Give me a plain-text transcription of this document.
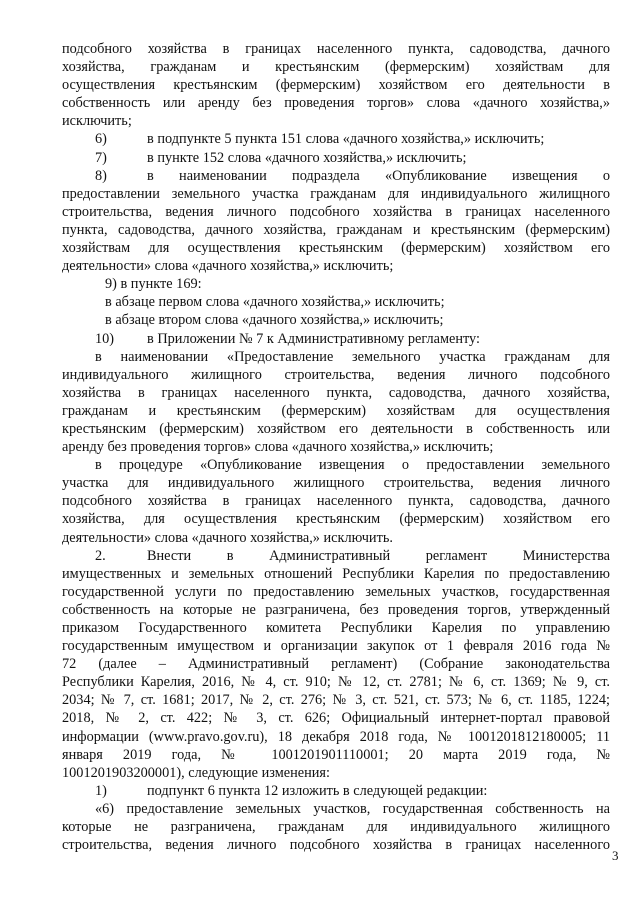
подсобного хозяйства в границах населенного пункта, садоводства, дачного

хозяйства, гражданам и крестьянским (фермерским) хозяйствам для

осуществления крестьянским (фермерским) хозяйством его деятельности в

собственность или аренду без проведения торгов» слова «дачного хозяйства,»

исключить;

6)	в подпункте 5 пункта 151 слова «дачного хозяйства,» исключить;

7)	в пункте 152 слова «дачного хозяйства,» исключить;

8)	в наименовании подраздела «Опубликование извещения о

предоставлении земельного участка гражданам для индивидуального жилищного

строительства, ведения личного подсобного хозяйства в границах населенного

пункта, садоводства, дачного хозяйства, гражданам и крестьянским (фермерским)

хозяйствам для осуществления крестьянским (фермерским) хозяйством его

деятельности» слова «дачного хозяйства,» исключить;

9) в пункте 169:

в абзаце первом слова «дачного хозяйства,» исключить;

в абзаце втором слова «дачного хозяйства,» исключить;

10) в Приложении № 7 к Административному регламенту:

в наименовании «Предоставление земельного участка гражданам для

индивидуального жилищного строительства, ведения личного подсобного

хозяйства в границах населенного пункта, садоводства, дачного хозяйства,

гражданам и крестьянским (фермерским) хозяйствам для осуществления

крестьянским (фермерским) хозяйством его деятельности в собственность или

аренду без проведения торгов» слова «дачного хозяйства,» исключить;

в процедуре «Опубликование извещения о предоставлении земельного

участка для индивидуального жилищного строительства, ведения личного

подсобного хозяйства в границах населенного пункта, садоводства, дачного

хозяйства, для осуществления крестьянским (фермерским) хозяйством его

деятельности» слова «дачного хозяйства,» исключить.

2.	Внести в Административный регламент Министерства

имущественных и земельных отношений Республики Карелия по предоставлению

государственной услуги по предоставлению земельных участков, государственная

собственность на которые не разграничена, без проведения торгов, утвержденный

приказом Государственного комитета Республики Карелия по управлению

государственным имуществом и организации закупок от 1 февраля 2016 года №

72 (далее – Административный регламент) (Собрание законодательства

Республики Карелия, 2016, № 4, ст. 910; № 12, ст. 2781; № 6, ст. 1369; № 9, ст.

2034; № 7, ст. 1681; 2017, № 2, ст. 276; № 3, ст. 521, ст. 573; № 6, ст. 1185, 1224;

2018, № 2, ст. 422; № 3, ст. 626; Официальный интернет-портал правовой

информации (www.pravo.gov.ru), 18 декабря 2018 года, № 1001201812180005; 11

января 2019 года, № 1001201901110001; 20 марта 2019 года, №

1001201903200001), следующие изменения:

1)	подпункт 6 пункта 12 изложить в следующей редакции:

«6) предоставление земельных участков, государственная собственность на

которые не разграничена, гражданам для индивидуального жилищного

строительства, ведения личного подсобного хозяйства в границах населенного

3
